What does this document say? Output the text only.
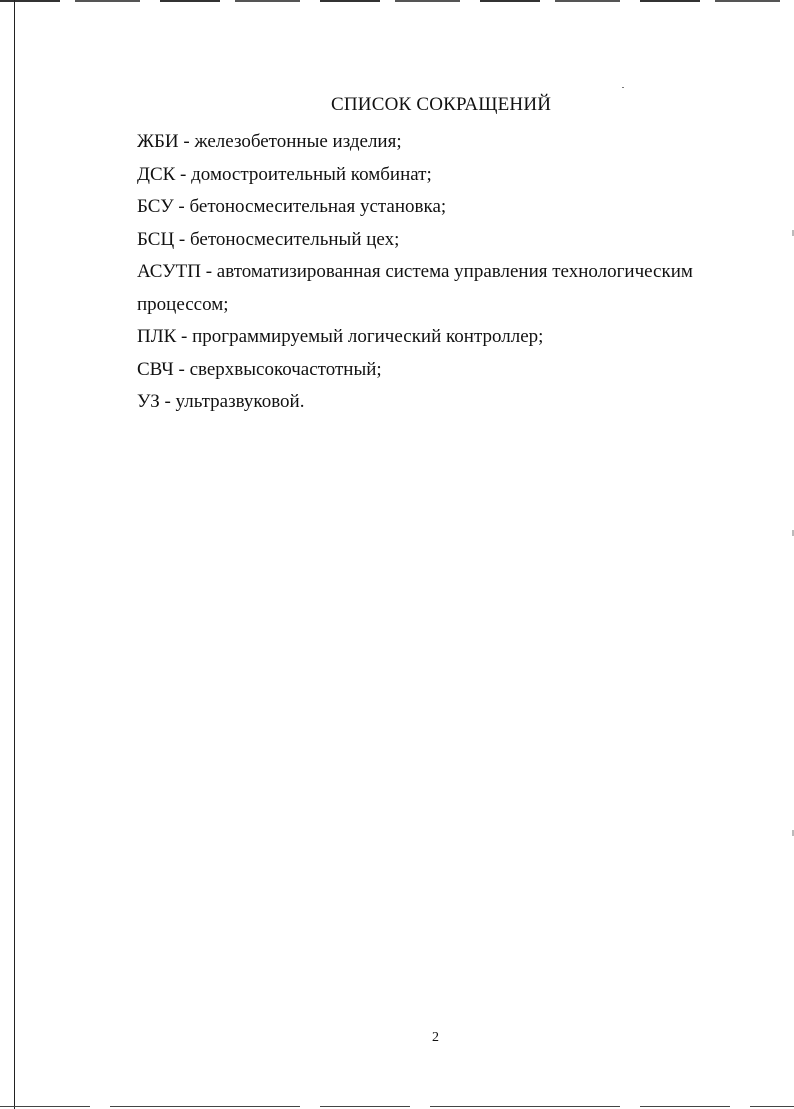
СПИСОК СОКРАЩЕНИЙ
ЖБИ - железобетонные изделия;
ДСК - домостроительный комбинат;
БСУ - бетоносмесительная установка;
БСЦ - бетоносмесительный цех;
АСУТП - автоматизированная система управления технологическим
процессом;
ПЛК - программируемый логический контроллер;
СВЧ - сверхвысокочастотный;
УЗ - ультразвуковой.
2
